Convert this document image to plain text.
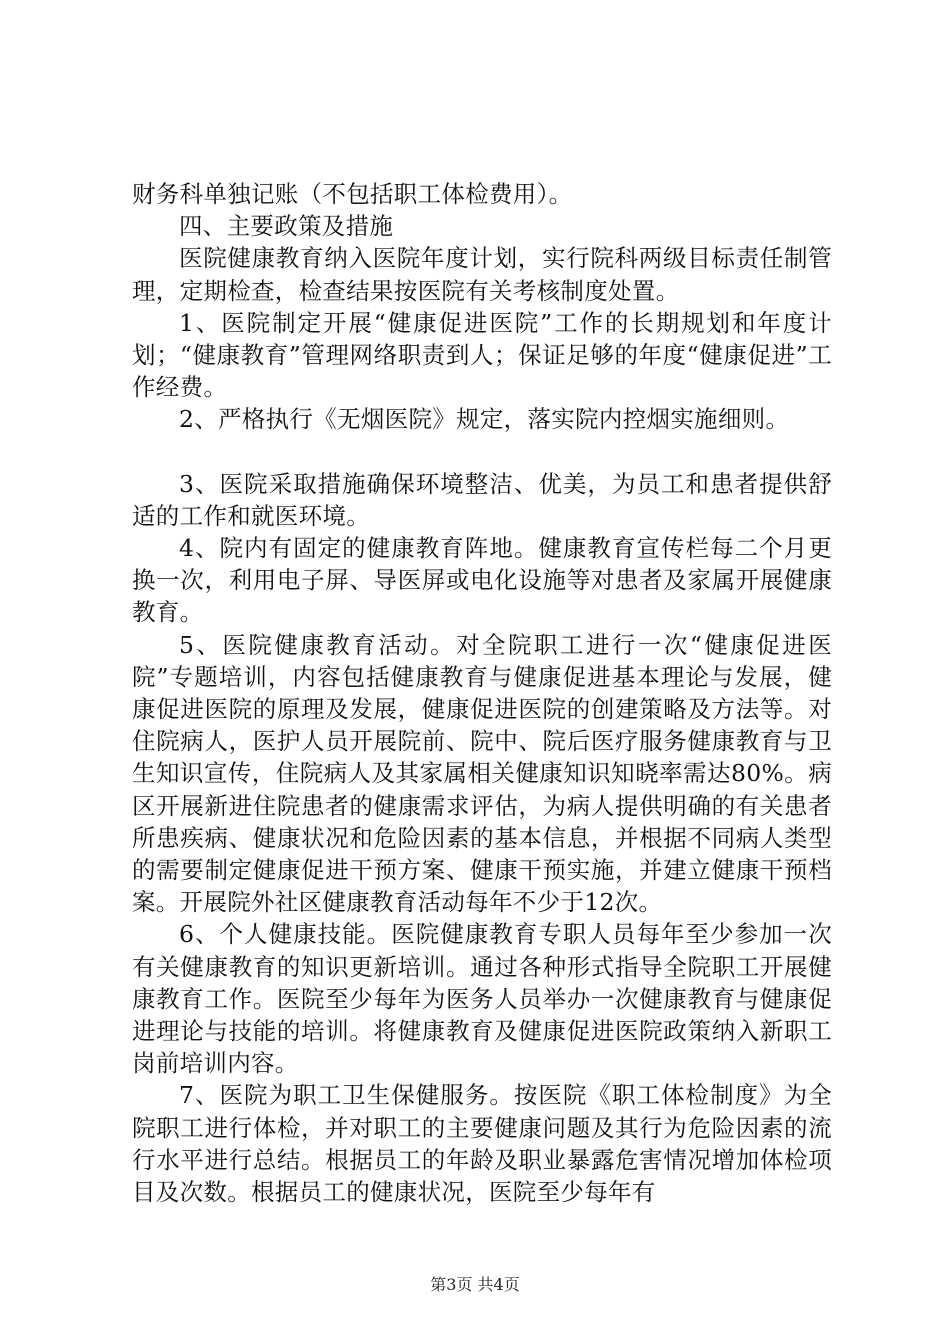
财务科单独记账（不包括职工体检费用）。

四、主要政策及措施

医院健康教育纳入医院年度计划，实行院科两级目标责任制管理，定期检查，检查结果按医院有关考核制度处置。

1、医院制定开展“健康促进医院”工作的长期规划和年度计划；“健康教育”管理网络职责到人；保证足够的年度“健康促进”工作经费。

2、严格执行《无烟医院》规定，落实院内控烟实施细则。

3、医院采取措施确保环境整洁、优美，为员工和患者提供舒适的工作和就医环境。

4、院内有固定的健康教育阵地。健康教育宣传栏每二个月更换一次，利用电子屏、导医屏或电化设施等对患者及家属开展健康教育。

5、医院健康教育活动。对全院职工进行一次“健康促进医院”专题培训，内容包括健康教育与健康促进基本理论与发展，健康促进医院的原理及发展，健康促进医院的创建策略及方法等。对住院病人，医护人员开展院前、院中、院后医疗服务健康教育与卫生知识宣传，住院病人及其家属相关健康知识知晓率需达80%。病区开展新进住院患者的健康需求评估，为病人提供明确的有关患者所患疾病、健康状况和危险因素的基本信息，并根据不同病人类型的需要制定健康促进干预方案、健康干预实施，并建立健康干预档案。开展院外社区健康教育活动每年不少于12次。

6、个人健康技能。医院健康教育专职人员每年至少参加一次有关健康教育的知识更新培训。通过各种形式指导全院职工开展健康教育工作。医院至少每年为医务人员举办一次健康教育与健康促进理论与技能的培训。将健康教育及健康促进医院政策纳入新职工岗前培训内容。

7、医院为职工卫生保健服务。按医院《职工体检制度》为全院职工进行体检，并对职工的主要健康问题及其行为危险因素的流行水平进行总结。根据员工的年龄及职业暴露危害情况增加体检项目及次数。根据员工的健康状况，医院至少每年有

第3页 共4页
